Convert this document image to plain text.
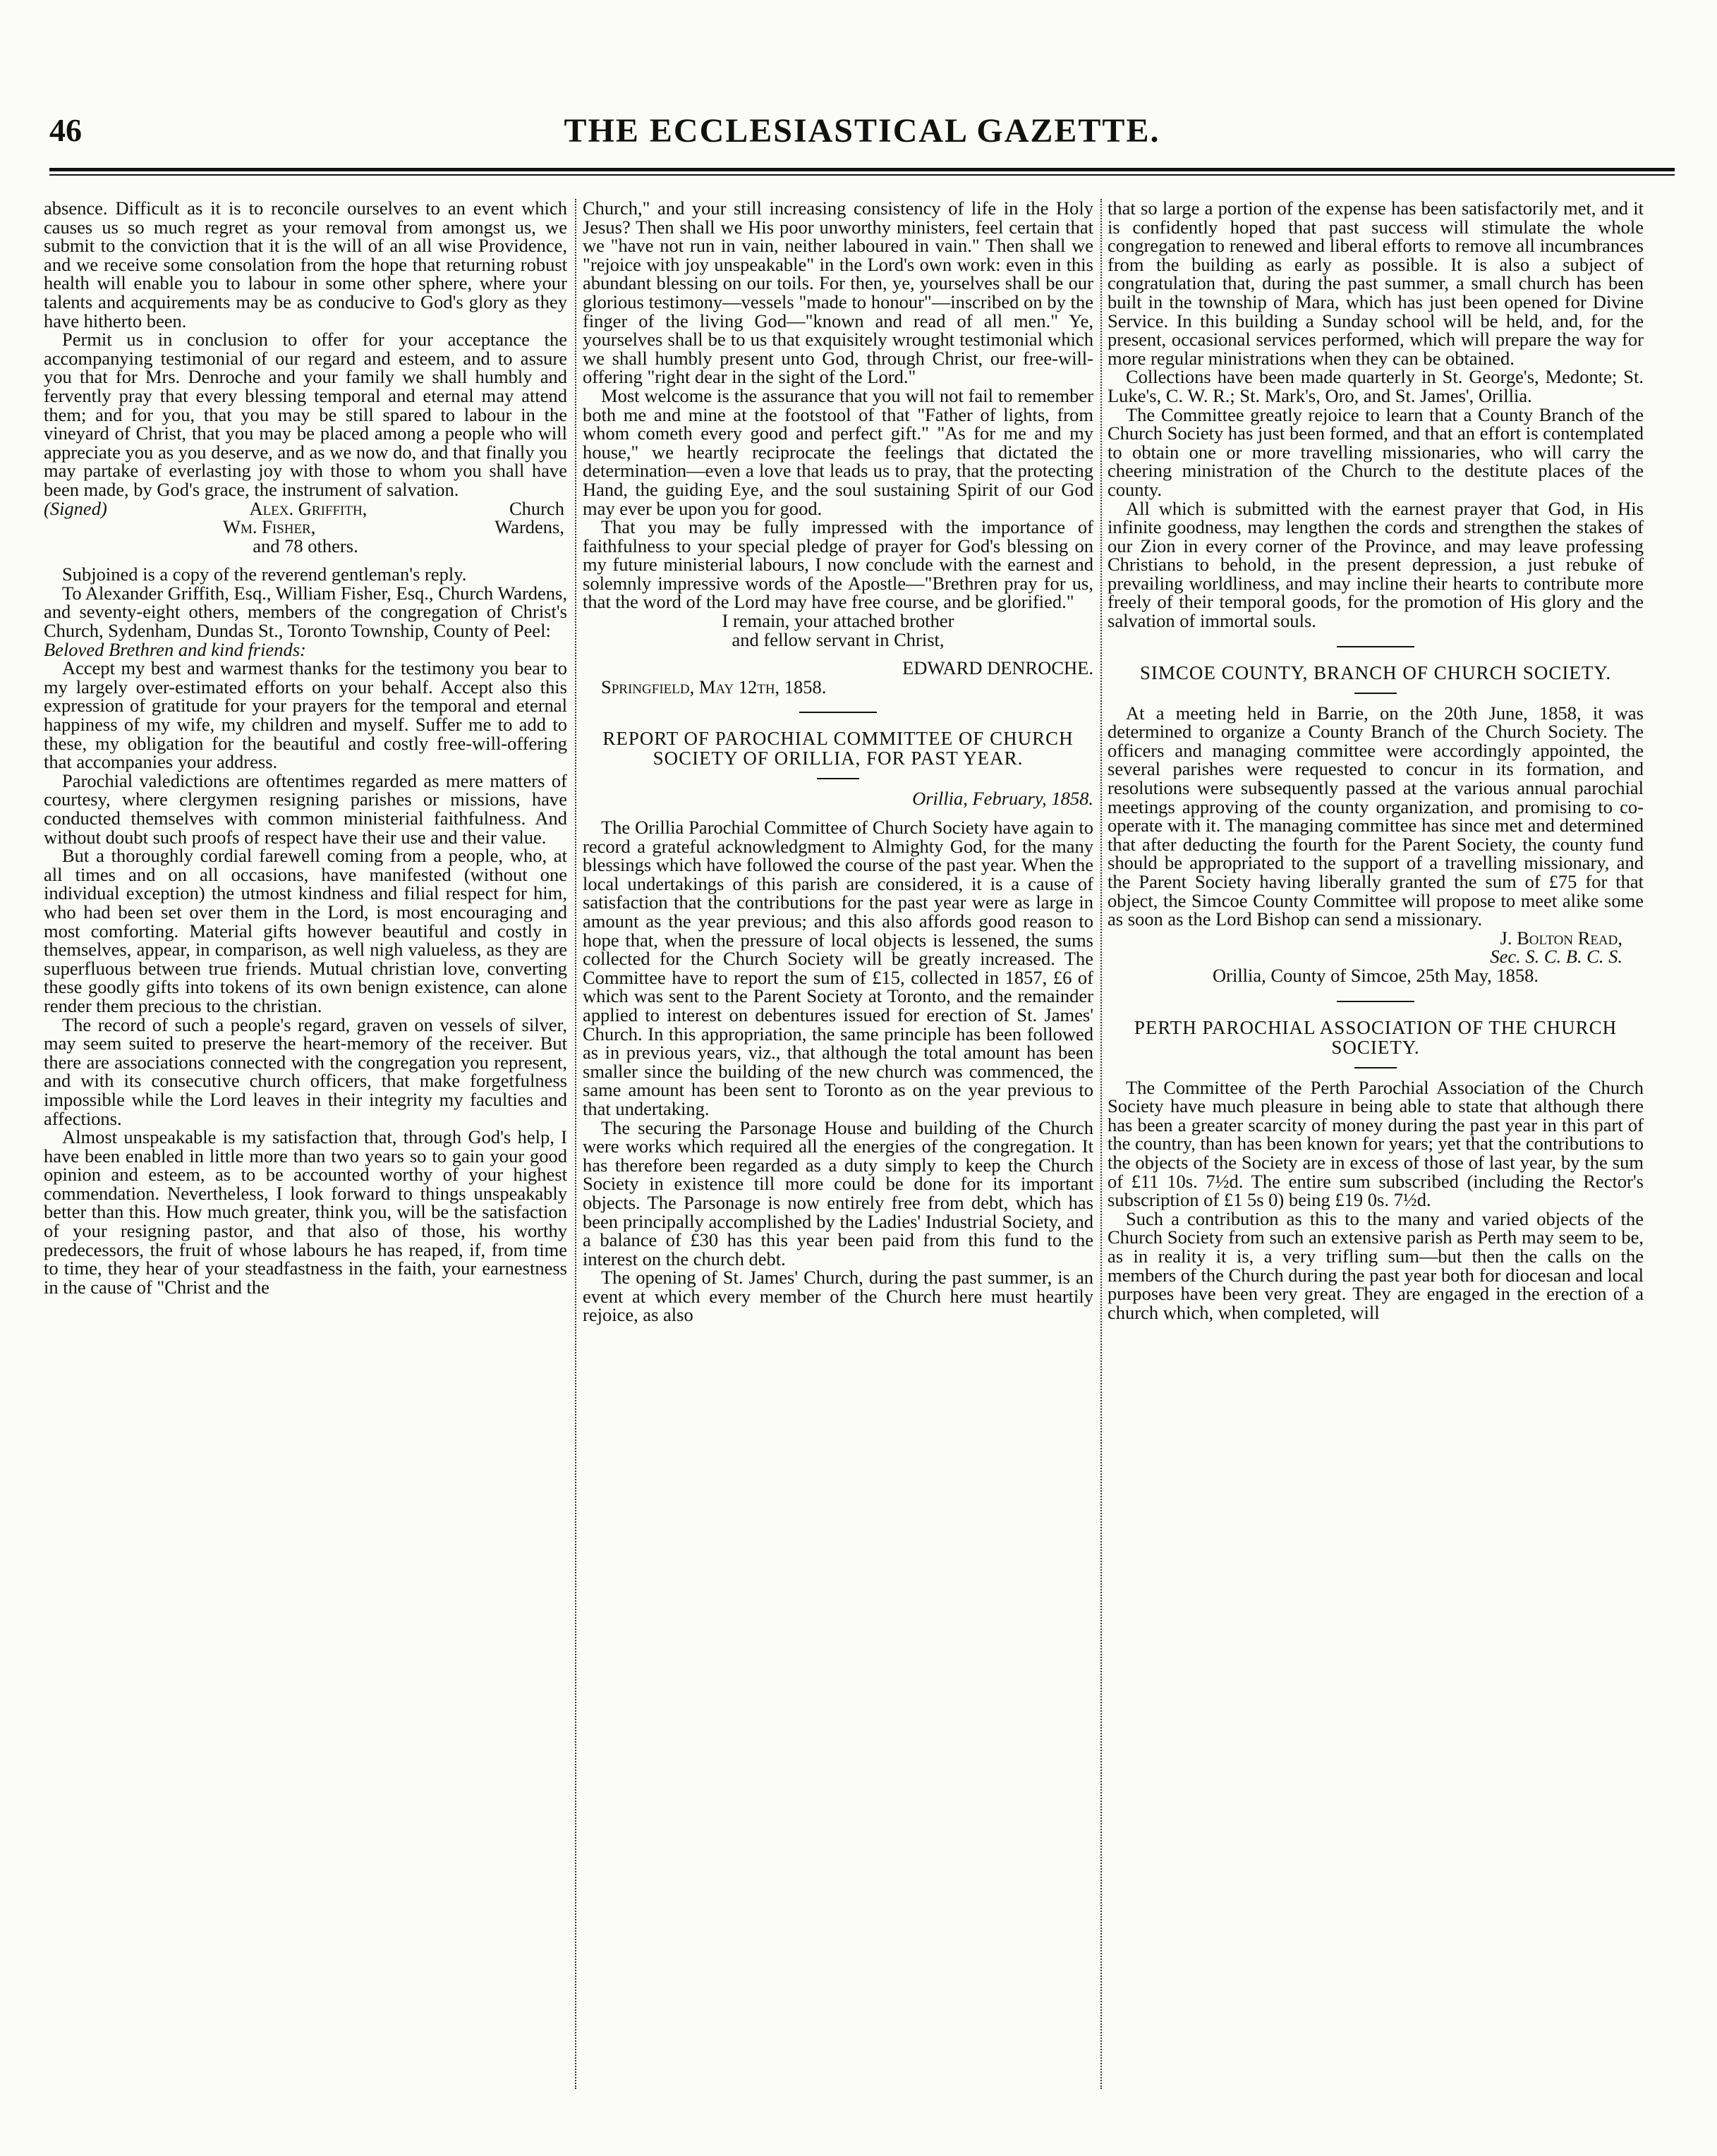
46	THE ECCLESIASTICAL GAZETTE.

absence. Difficult as it is to reconcile ourselves to an event which causes us so much regret as your removal from amongst us, we submit to the conviction that it is the will of an all wise Providence, and we receive some consolation from the hope that returning robust health will enable you to labour in some other sphere, where your talents and acquirements may be as conducive to God's glory as they have hitherto been.

Permit us in conclusion to offer for your acceptance the accompanying testimonial of our regard and esteem, and to assure you that for Mrs. Denroche and your family we shall humbly and fervently pray that every blessing temporal and eternal may attend them; and for you, that you may be still spared to labour in the vineyard of Christ, that you may be placed among a people who will appreciate you as you deserve, and as we now do, and that finally you may partake of everlasting joy with those to whom you shall have been made, by God's grace, the instrument of salvation.

(Signed)	Alex. Griffith,	Church
Wm. Fisher,	Wardens,

and 78 others.

Subjoined is a copy of the reverend gentleman's reply.

To Alexander Griffith, Esq., William Fisher, Esq., Church Wardens, and seventy-eight others, members of the congregation of Christ's Church, Sydenham, Dundas St., Toronto Township, County of Peel:

Beloved Brethren and kind friends:

Accept my best and warmest thanks for the testimony you bear to my largely over-estimated efforts on your behalf. Accept also this expression of gratitude for your prayers for the temporal and eternal happiness of my wife, my children and myself. Suffer me to add to these, my obligation for the beautiful and costly free-will-offering that accompanies your address.

Parochial valedictions are oftentimes regarded as mere matters of courtesy, where clergymen resigning parishes or missions, have conducted themselves with common ministerial faithfulness. And without doubt such proofs of respect have their use and their value.

But a thoroughly cordial farewell coming from a people, who, at all times and on all occasions, have manifested (without one individual exception) the utmost kindness and filial respect for him, who had been set over them in the Lord, is most encouraging and most comforting. Material gifts however beautiful and costly in themselves, appear, in comparison, as well nigh valueless, as they are superfluous between true friends. Mutual christian love, converting these goodly gifts into tokens of its own benign existence, can alone render them precious to the christian.

The record of such a people's regard, graven on vessels of silver, may seem suited to preserve the heart-memory of the receiver. But there are associations connected with the congregation you represent, and with its consecutive church officers, that make forgetfulness impossible while the Lord leaves in their integrity my faculties and affections.

Almost unspeakable is my satisfaction that, through God's help, I have been enabled in little more than two years so to gain your good opinion and esteem, as to be accounted worthy of your highest commendation. Nevertheless, I look forward to things unspeakably better than this. How much greater, think you, will be the satisfaction of your resigning pastor, and that also of those, his worthy predecessors, the fruit of whose labours he has reaped, if, from time to time, they hear of your steadfastness in the faith, your earnestness in the cause of "Christ and the

Church," and your still increasing consistency of life in the Holy Jesus? Then shall we His poor unworthy ministers, feel certain that we "have not run in vain, neither laboured in vain." Then shall we "rejoice with joy unspeakable" in the Lord's own work: even in this abundant blessing on our toils. For then, ye, yourselves shall be our glorious testimony—vessels "made to honour"—inscribed on by the finger of the living God—"known and read of all men." Ye, yourselves shall be to us that exquisitely wrought testimonial which we shall humbly present unto God, through Christ, our free-will-offering "right dear in the sight of the Lord."

Most welcome is the assurance that you will not fail to remember both me and mine at the footstool of that "Father of lights, from whom cometh every good and perfect gift." "As for me and my house," we heartly reciprocate the feelings that dictated the determination—even a love that leads us to pray, that the protecting Hand, the guiding Eye, and the soul sustaining Spirit of our God may ever be upon you for good.

That you may be fully impressed with the importance of faithfulness to your special pledge of prayer for God's blessing on my future ministerial labours, I now conclude with the earnest and solemnly impressive words of the Apostle—"Brethren pray for us, that the word of the Lord may have free course, and be glorified."

I remain, your attached brother

and fellow servant in Christ,

EDWARD DENROCHE.

Springfield, May 12th, 1858.

REPORT OF PAROCHIAL COMMITTEE OF CHURCH SOCIETY OF ORILLIA, FOR PAST YEAR.

Orillia, February, 1858.

The Orillia Parochial Committee of Church Society have again to record a grateful acknowledgment to Almighty God, for the many blessings which have followed the course of the past year. When the local undertakings of this parish are considered, it is a cause of satisfaction that the contributions for the past year were as large in amount as the year previous; and this also affords good reason to hope that, when the pressure of local objects is lessened, the sums collected for the Church Society will be greatly increased. The Committee have to report the sum of £15, collected in 1857, £6 of which was sent to the Parent Society at Toronto, and the remainder applied to interest on debentures issued for erection of St. James' Church. In this appropriation, the same principle has been followed as in previous years, viz., that although the total amount has been smaller since the building of the new church was commenced, the same amount has been sent to Toronto as on the year previous to that undertaking.

The securing the Parsonage House and building of the Church were works which required all the energies of the congregation. It has therefore been regarded as a duty simply to keep the Church Society in existence till more could be done for its important objects. The Parsonage is now entirely free from debt, which has been principally accomplished by the Ladies' Industrial Society, and a balance of £30 has this year been paid from this fund to the interest on the church debt.

The opening of St. James' Church, during the past summer, is an event at which every member of the Church here must heartily rejoice, as also

that so large a portion of the expense has been satisfactorily met, and it is confidently hoped that past success will stimulate the whole congregation to renewed and liberal efforts to remove all incumbrances from the building as early as possible. It is also a subject of congratulation that, during the past summer, a small church has been built in the township of Mara, which has just been opened for Divine Service. In this building a Sunday school will be held, and, for the present, occasional services performed, which will prepare the way for more regular ministrations when they can be obtained.

Collections have been made quarterly in St. George's, Medonte; St. Luke's, C. W. R.; St. Mark's, Oro, and St. James', Orillia.

The Committee greatly rejoice to learn that a County Branch of the Church Society has just been formed, and that an effort is contemplated to obtain one or more travelling missionaries, who will carry the cheering ministration of the Church to the destitute places of the county.

All which is submitted with the earnest prayer that God, in His infinite goodness, may lengthen the cords and strengthen the stakes of our Zion in every corner of the Province, and may leave professing Christians to behold, in the present depression, a just rebuke of prevailing worldliness, and may incline their hearts to contribute more freely of their temporal goods, for the promotion of His glory and the salvation of immortal souls.

SIMCOE COUNTY, BRANCH OF CHURCH SOCIETY.

At a meeting held in Barrie, on the 20th June, 1858, it was determined to organize a County Branch of the Church Society. The officers and managing committee were accordingly appointed, the several parishes were requested to concur in its formation, and resolutions were subsequently passed at the various annual parochial meetings approving of the county organization, and promising to co-operate with it. The managing committee has since met and determined that after deducting the fourth for the Parent Society, the county fund should be appropriated to the support of a travelling missionary, and the Parent Society having liberally granted the sum of £75 for that object, the Simcoe County Committee will propose to meet alike some as soon as the Lord Bishop can send a missionary.

J. Bolton Read,

Sec. S. C. B. C. S.

Orillia, County of Simcoe, 25th May, 1858.

PERTH PAROCHIAL ASSOCIATION OF THE CHURCH SOCIETY.

The Committee of the Perth Parochial Association of the Church Society have much pleasure in being able to state that although there has been a greater scarcity of money during the past year in this part of the country, than has been known for years; yet that the contributions to the objects of the Society are in excess of those of last year, by the sum of £11 10s. 7½d. The entire sum subscribed (including the Rector's subscription of £1 5s 0) being £19 0s. 7½d.

Such a contribution as this to the many and varied objects of the Church Society from such an extensive parish as Perth may seem to be, as in reality it is, a very trifling sum—but then the calls on the members of the Church during the past year both for diocesan and local purposes have been very great. They are engaged in the erection of a church which, when completed, will
